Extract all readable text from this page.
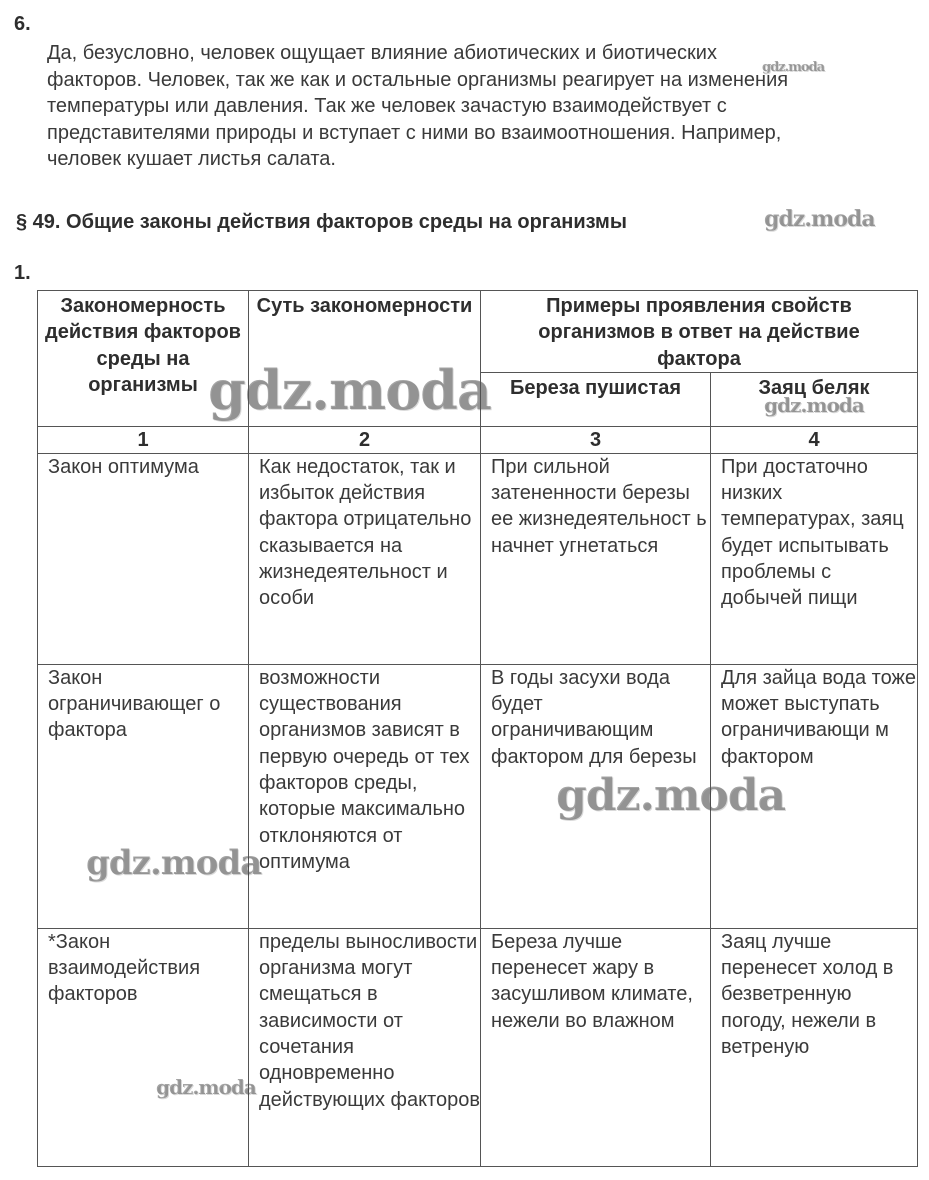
6.
Да, безусловно, человек ощущает влияние абиотических и биотических
факторов. Человек, так же как и остальные организмы реагирует на изменения
температуры или давления. Так же человек зачастую взаимодействует с
представителями природы и вступает с ними во взаимоотношения. Например,
человек кушает листья салата.
§ 49. Общие законы действия факторов среды на организмы
1.
Закономерность действия факторов среды на организмы	Суть закономерности	Примеры проявления свойств организмов в ответ на действие фактора	
		Береза пушистая	Заяц беляк
1	2	3	4
Закон оптимума	Как недостаток, так и избыток действия фактора отрицательно сказывается на жизнедеятельност и особи	При сильной затененности березы ее жизнедеятельност ь начнет угнетаться	При достаточно низких температурах, заяц будет испытывать проблемы с добычей пищи
Закон ограничивающег о фактора	возможности существования организмов зависят в первую очередь от тех факторов среды, которые максимально отклоняются от оптимума	В годы засухи вода будет ограничивающим фактором для березы	Для зайца вода тоже может выступать ограничивающи м фактором
*Закон взаимодействия факторов	пределы выносливости организма могут смещаться в зависимости от сочетания одновременно действующих факторов	Береза лучше перенесет жару в засушливом климате, нежели во влажном	Заяц лучше перенесет холод в безветренную погоду, нежели в ветреную
gdz.moda
gdz.moda
gdz.moda	gdz.moda
gdz.moda
gdz.moda
gdz.moda
